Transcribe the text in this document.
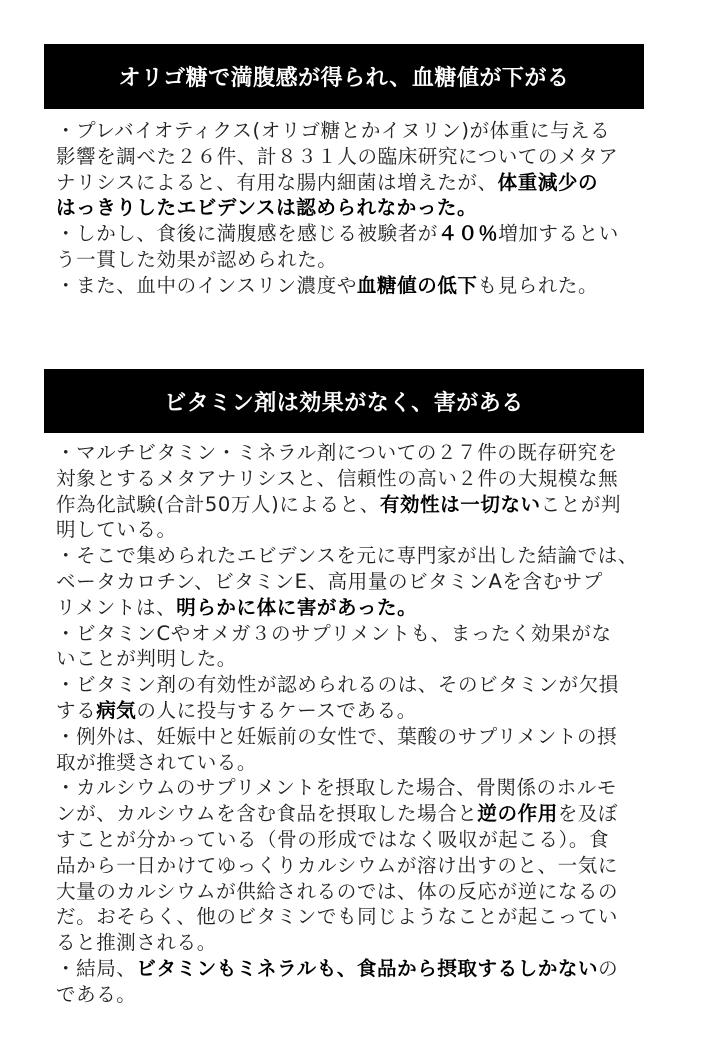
オリゴ糖で満腹感が得られ、血糖値が下がる
・プレバイオティクス(オリゴ糖とかイヌリン)が体重に与える
影響を調べた２６件、計８３１人の臨床研究についてのメタア
ナリシスによると、有用な腸内細菌は増えたが、体重減少の
はっきりしたエビデンスは認められなかった。
・しかし、食後に満腹感を感じる被験者が４０％増加するとい
う一貫した効果が認められた。
・また、血中のインスリン濃度や血糖値の低下も見られた。
ビタミン剤は効果がなく、害がある
・マルチビタミン・ミネラル剤についての２７件の既存研究を
対象とするメタアナリシスと、信頼性の高い２件の大規模な無
作為化試験(合計50万人)によると、有効性は一切ないことが判
明している。
・そこで集められたエビデンスを元に専門家が出した結論では、
ベータカロチン、ビタミンE、高用量のビタミンAを含むサプ
リメントは、明らかに体に害があった。
・ビタミンCやオメガ３のサプリメントも、まったく効果がな
いことが判明した。
・ビタミン剤の有効性が認められるのは、そのビタミンが欠損
する病気の人に投与するケースである。
・例外は、妊娠中と妊娠前の女性で、葉酸のサプリメントの摂
取が推奨されている。
・カルシウムのサプリメントを摂取した場合、骨関係のホルモ
ンが、カルシウムを含む食品を摂取した場合と逆の作用を及ぼ
すことが分かっている（骨の形成ではなく吸収が起こる）。食
品から一日かけてゆっくりカルシウムが溶け出すのと、一気に
大量のカルシウムが供給されるのでは、体の反応が逆になるの
だ。おそらく、他のビタミンでも同じようなことが起こってい
ると推測される。
・結局、ビタミンもミネラルも、食品から摂取するしかないの
である。
